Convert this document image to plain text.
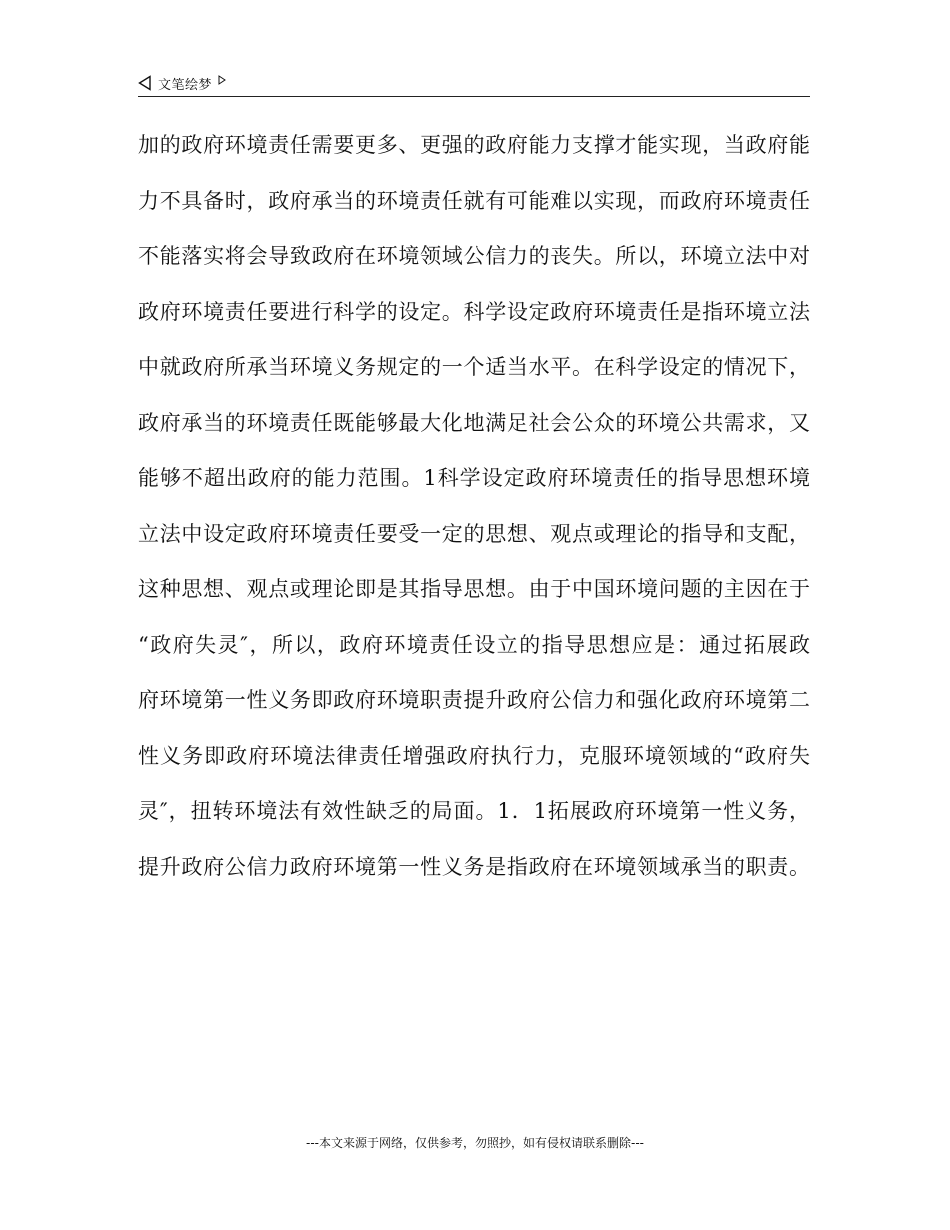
文笔绘梦
加的政府环境责任需要更多、更强的政府能力支撑才能实现，当政府能
力不具备时，政府承当的环境责任就有可能难以实现，而政府环境责任
不能落实将会导致政府在环境领域公信力的丧失。所以，环境立法中对
政府环境责任要进行科学的设定。科学设定政府环境责任是指环境立法
中就政府所承当环境义务规定的一个适当水平。在科学设定的情况下，
政府承当的环境责任既能够最大化地满足社会公众的环境公共需求，又
能够不超出政府的能力范围。1科学设定政府环境责任的指导思想环境
立法中设定政府环境责任要受一定的思想、观点或理论的指导和支配，
这种思想、观点或理论即是其指导思想。由于中国环境问题的主因在于
“政府失灵″，所以，政府环境责任设立的指导思想应是：通过拓展政
府环境第一性义务即政府环境职责提升政府公信力和强化政府环境第二
性义务即政府环境法律责任增强政府执行力，克服环境领域的“政府失
灵″，扭转环境法有效性缺乏的局面。1．1拓展政府环境第一性义务，
提升政府公信力政府环境第一性义务是指政府在环境领域承当的职责。
---本文来源于网络，仅供参考，勿照抄，如有侵权请联系删除---
